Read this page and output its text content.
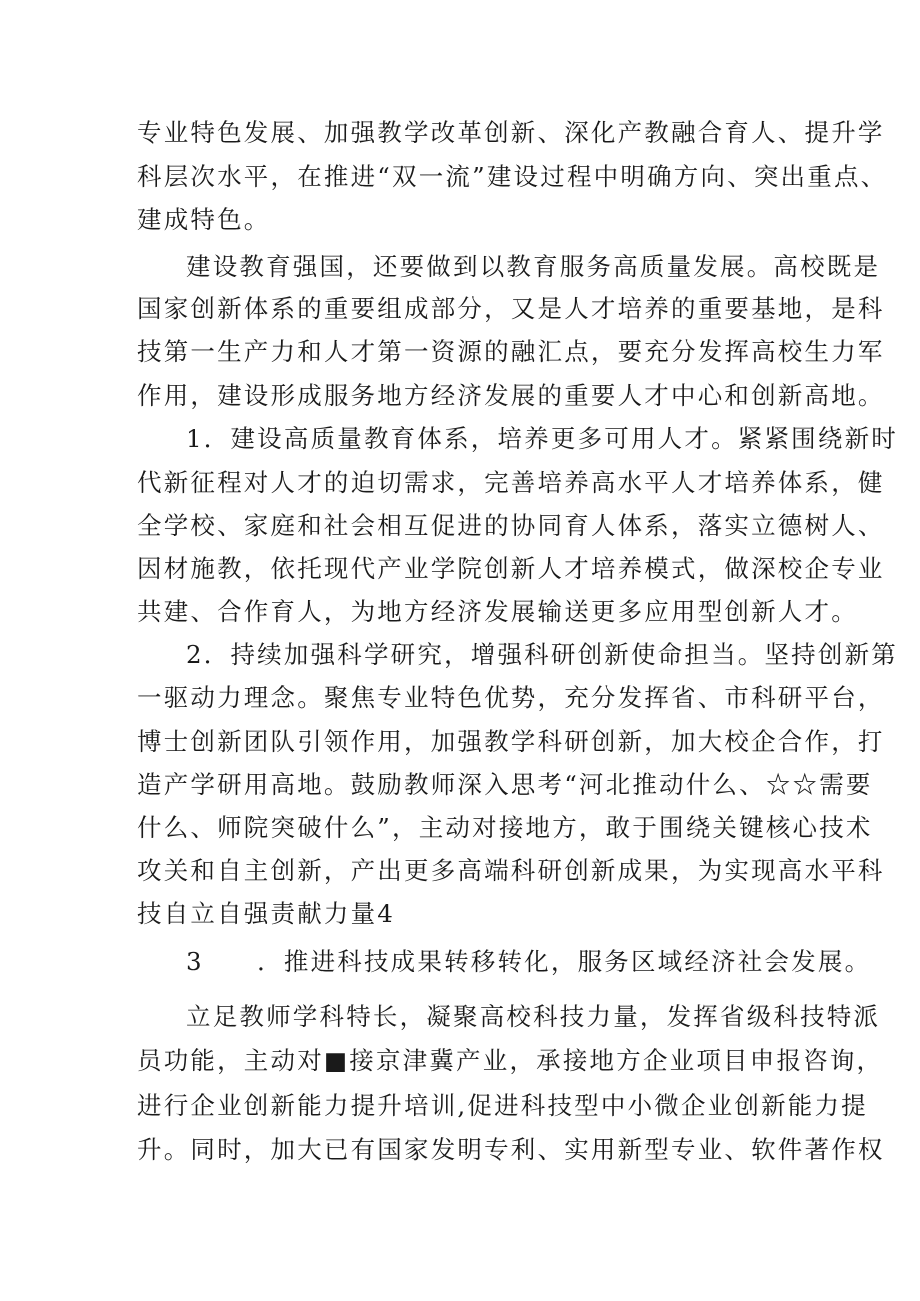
专业特色发展、加强教学改革创新、深化产教融合育人、提升学
科层次水平，在推进“双一流”建设过程中明确方向、突出重点、
建成特色。
建设教育强国，还要做到以教育服务高质量发展。高校既是
国家创新体系的重要组成部分，又是人才培养的重要基地，是科
技第一生产力和人才第一资源的融汇点，要充分发挥高校生力军
作用，建设形成服务地方经济发展的重要人才中心和创新高地。
1．建设高质量教育体系，培养更多可用人才。紧紧围绕新时
代新征程对人才的迫切需求，完善培养高水平人才培养体系，健
全学校、家庭和社会相互促进的协同育人体系，落实立德树人、
因材施教，依托现代产业学院创新人才培养模式，做深校企专业
共建、合作育人，为地方经济发展输送更多应用型创新人才。
2．持续加强科学研究，增强科研创新使命担当。坚持创新第
一驱动力理念。聚焦专业特色优势，充分发挥省、市科研平台，
博士创新团队引领作用，加强教学科研创新，加大校企合作，打
造产学研用高地。鼓励教师深入思考“河北推动什么、☆☆需要
什么、师院突破什么”，主动对接地方，敢于围绕关键核心技术
攻关和自主创新，产出更多高端科研创新成果，为实现高水平科
技自立自强责献力量4
3　　．推进科技成果转移转化，服务区域经济社会发展。
立足教师学科特长，凝聚高校科技力量，发挥省级科技特派
员功能，主动对■接京津冀产业，承接地方企业项目申报咨询，
进行企业创新能力提升培训,促进科技型中小微企业创新能力提
升。同时，加大已有国家发明专利、实用新型专业、软件著作权
